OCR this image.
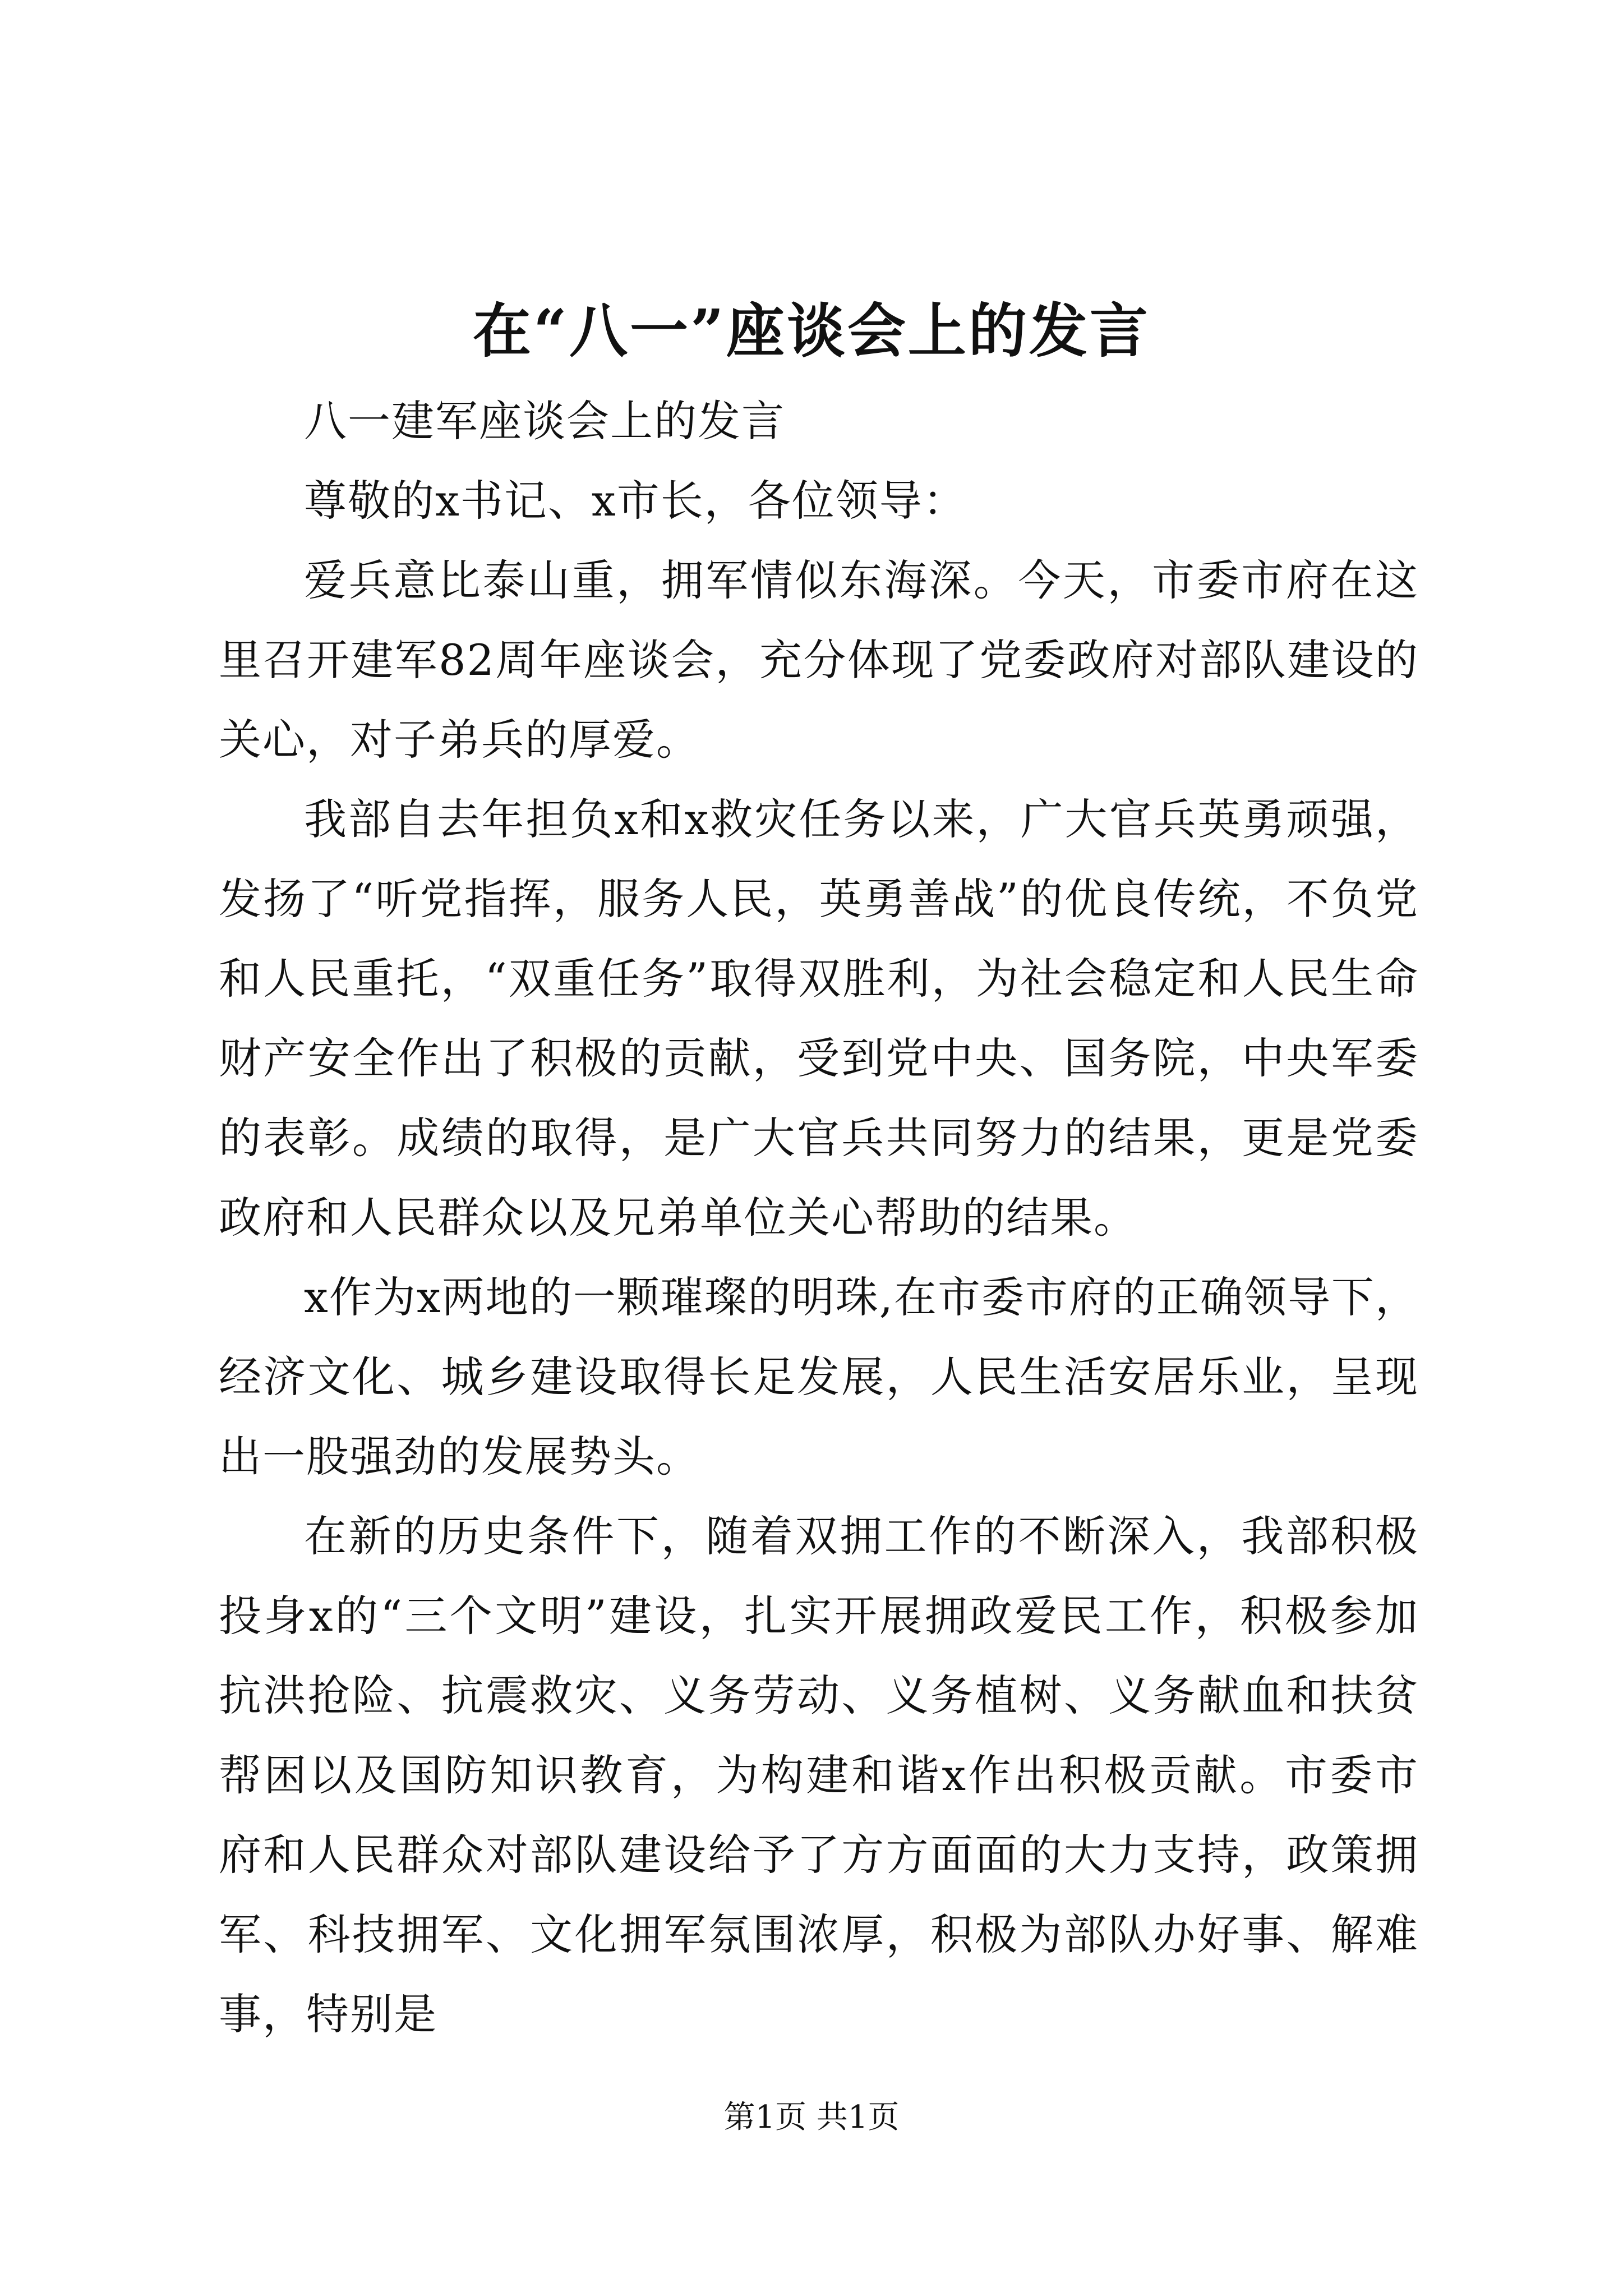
在“八一”座谈会上的发言

八一建军座谈会上的发言

尊敬的x书记、x市长，各位领导：

爱兵意比泰山重，拥军情似东海深。今天，市委市府在这里召开建军82周年座谈会，充分体现了党委政府对部队建设的关心，对子弟兵的厚爱。

我部自去年担负x和x救灾任务以来，广大官兵英勇顽强，发扬了“听党指挥，服务人民，英勇善战”的优良传统，不负党和人民重托，“双重任务”取得双胜利，为社会稳定和人民生命财产安全作出了积极的贡献，受到党中央、国务院，中央军委的表彰。成绩的取得，是广大官兵共同努力的结果，更是党委政府和人民群众以及兄弟单位关心帮助的结果。

x作为x两地的一颗璀璨的明珠,在市委市府的正确领导下，经济文化、城乡建设取得长足发展，人民生活安居乐业，呈现出一股强劲的发展势头。

在新的历史条件下，随着双拥工作的不断深入，我部积极投身x的“三个文明”建设，扎实开展拥政爱民工作，积极参加抗洪抢险、抗震救灾、义务劳动、义务植树、义务献血和扶贫帮困以及国防知识教育，为构建和谐x作出积极贡献。市委市府和人民群众对部队建设给予了方方面面的大力支持，政策拥军、科技拥军、文化拥军氛围浓厚，积极为部队办好事、解难事，特别是

第1页 共1页
